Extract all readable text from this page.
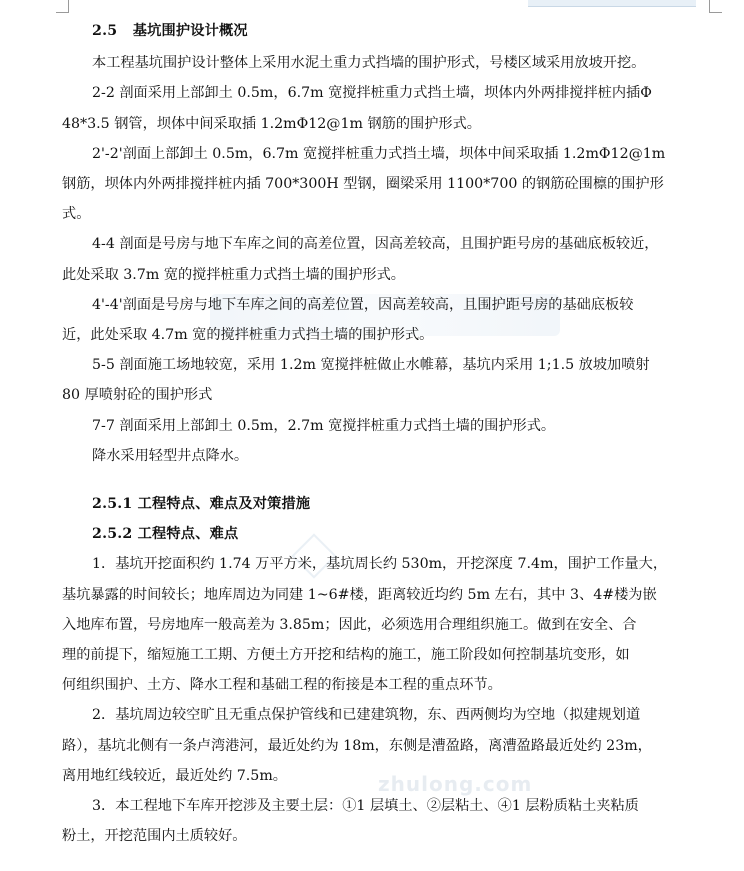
zhulong.com

2.5 基坑围护设计概况

本工程基坑围护设计整体上采用水泥土重力式挡墙的围护形式，号楼区域采用放坡开挖。

2-2 剖面采用上部卸土 0.5m，6.7m 宽搅拌桩重力式挡土墙，坝体内外两排搅拌桩内插Φ

48*3.5 钢管，坝体中间采取插 1.2mΦ12@1m 钢筋的围护形式。

2'-2'剖面上部卸土 0.5m，6.7m 宽搅拌桩重力式挡土墙，坝体中间采取插 1.2mΦ12@1m

钢筋，坝体内外两排搅拌桩内插 700*300H 型钢，圈梁采用 1100*700 的钢筋砼围檩的围护形

式。

4-4 剖面是号房与地下车库之间的高差位置，因高差较高，且围护距号房的基础底板较近，

此处采取 3.7m 宽的搅拌桩重力式挡土墙的围护形式。

4'-4'剖面是号房与地下车库之间的高差位置，因高差较高，且围护距号房的基础底板较

近，此处采取 4.7m 宽的搅拌桩重力式挡土墙的围护形式。

5-5 剖面施工场地较宽，采用 1.2m 宽搅拌桩做止水帷幕，基坑内采用 1;1.5 放坡加喷射

80 厚喷射砼的围护形式

7-7 剖面采用上部卸土 0.5m，2.7m 宽搅拌桩重力式挡土墙的围护形式。

降水采用轻型井点降水。

2.5.1 工程特点、难点及对策措施

2.5.2 工程特点、难点

1．基坑开挖面积约 1.74 万平方米，基坑周长约 530m，开挖深度 7.4m，围护工作量大，

基坑暴露的时间较长；地库周边为同建 1~6#楼，距离较近均约 5m 左右，其中 3、4#楼为嵌

入地库布置，号房地库一般高差为 3.85m；因此，必须选用合理组织施工。做到在安全、合

理的前提下，缩短施工工期、方便土方开挖和结构的施工，施工阶段如何控制基坑变形，如

何组织围护、土方、降水工程和基础工程的衔接是本工程的重点环节。

2．基坑周边较空旷且无重点保护管线和已建建筑物，东、西两侧均为空地（拟建规划道

路），基坑北侧有一条卢湾港河，最近处约为 18m，东侧是漕盈路，离漕盈路最近处约 23m，

离用地红线较近，最近处约 7.5m。

3．本工程地下车库开挖涉及主要土层：①1 层填土、②层粘土、④1 层粉质粘土夹粘质

粉土，开挖范围内土质较好。
